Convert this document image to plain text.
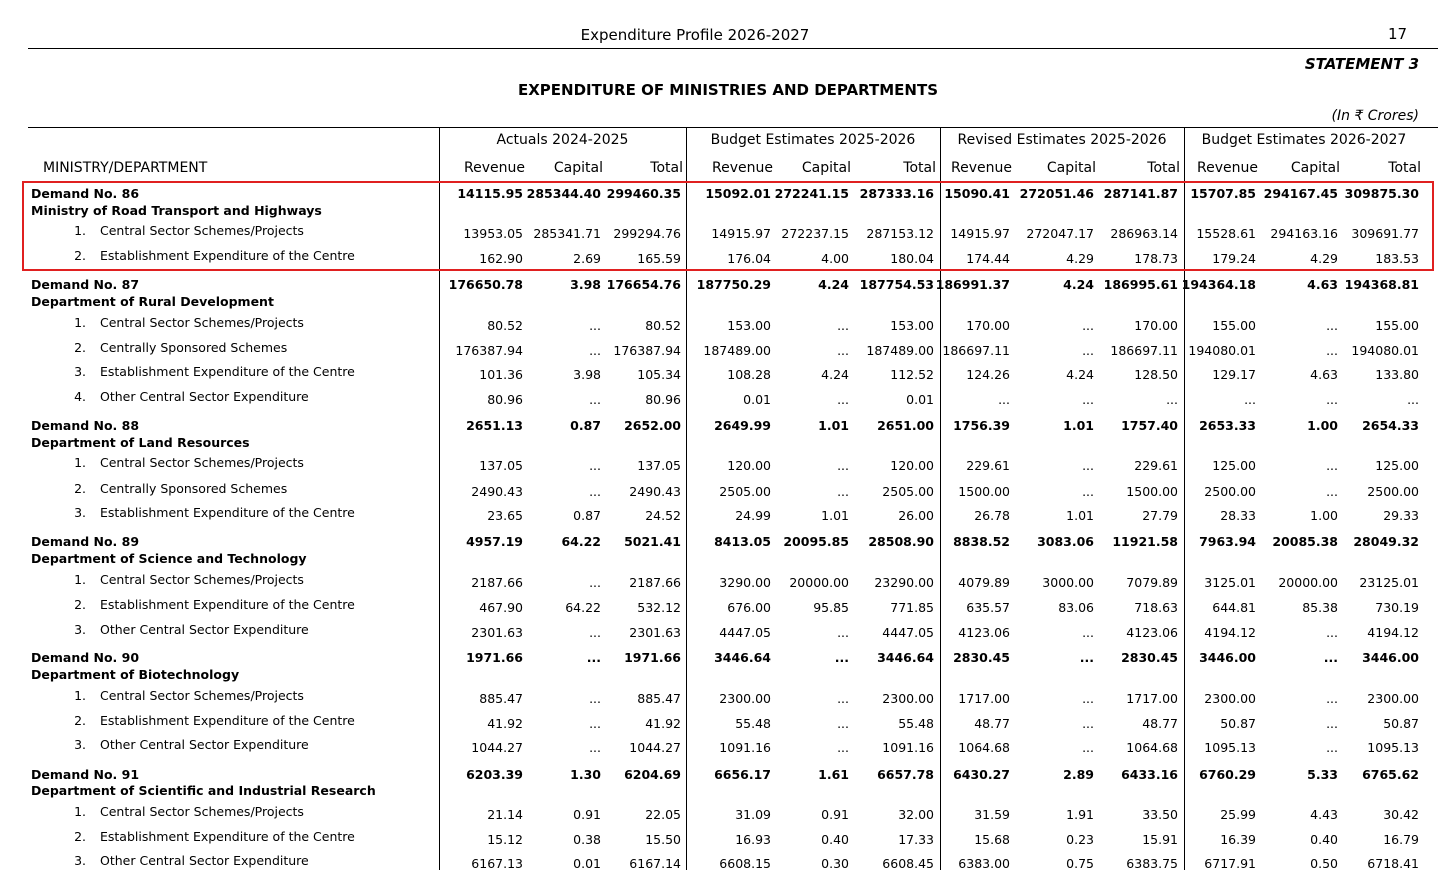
Expenditure Profile 2026-2027	17
STATEMENT 3
EXPENDITURE OF MINISTRIES AND DEPARTMENTS
(In ₹ Crores)
Actuals 2024-2025	Budget Estimates 2025-2026	Revised Estimates 2025-2026	Budget Estimates 2026-2027
MINISTRY/DEPARTMENT	Revenue Capital	Total Revenue Capital	Total Revenue Capital	Total Revenue Capital	Total
Demand No. 86	14115.95 285344.40 299460.35 15092.01 272241.15 287333.16 15090.41 272051.46 287141.87 15707.85 294167.45 309875.30
Ministry of Road Transport and Highways
1. Central Sector Schemes/Projects	13953.05 285341.71 299294.76 14915.97 272237.15 287153.12 14915.97 272047.17 286963.14 15528.61 294163.16 309691.77
2. Establishment Expenditure of the Centre	162.90	2.69	165.59	176.04	4.00	180.04	174.44	4.29	178.73	179.24	4.29	183.53
Demand No. 87	176650.78	3.98 176654.76 187750.29	4.24 187754.53 186991.37	4.24 186995.61 194364.18	4.63 194368.81
Department of Rural Development
1. Central Sector Schemes/Projects	80.52	...	80.52	153.00	...	153.00	170.00	...	170.00	155.00	...	155.00
2. Centrally Sponsored Schemes	176387.94	... 176387.94 187489.00	... 187489.00 186697.11	... 186697.11 194080.01	... 194080.01
3. Establishment Expenditure of the Centre	101.36	3.98	105.34	108.28	4.24	112.52	124.26	4.24	128.50	129.17	4.63	133.80
4. Other Central Sector Expenditure	80.96	...	80.96	0.01	...	0.01	...	...	...	...	...	...
Demand No. 88	2651.13	0.87 2652.00	2649.99	1.01 2651.00 1756.39	1.01 1757.40 2653.33	1.00 2654.33
Department of Land Resources
1. Central Sector Schemes/Projects	137.05	...	137.05	120.00	...	120.00	229.61	...	229.61	125.00	...	125.00
2. Centrally Sponsored Schemes	2490.43	... 2490.43	2505.00	...	2505.00 1500.00	...	1500.00 2500.00	... 2500.00
3. Establishment Expenditure of the Centre	23.65	0.87	24.52	24.99	1.01	26.00	26.78	1.01	27.79	28.33	1.00	29.33
Demand No. 89	4957.19	64.22 5021.41	8413.05 20095.85 28508.90 8838.52 3083.06 11921.58 7963.94 20085.38 28049.32
Department of Science and Technology
1. Central Sector Schemes/Projects	2187.66	... 2187.66	3290.00 20000.00 23290.00 4079.89	3000.00	7079.89 3125.01 20000.00 23125.01
2. Establishment Expenditure of the Centre	467.90	64.22	532.12	676.00	95.85	771.85	635.57	83.06	718.63	644.81	85.38	730.19
3. Other Central Sector Expenditure	2301.63	... 2301.63	4447.05	...	4447.05 4123.06	...	4123.06 4194.12	... 4194.12
Demand No. 90	1971.66	... 1971.66	3446.64	... 3446.64 2830.45	... 2830.45 3446.00	... 3446.00
Department of Biotechnology
1. Central Sector Schemes/Projects	885.47	...	885.47	2300.00	...	2300.00 1717.00	...	1717.00 2300.00	... 2300.00
2. Establishment Expenditure of the Centre	41.92	...	41.92	55.48	...	55.48	48.77	...	48.77	50.87	...	50.87
3. Other Central Sector Expenditure	1044.27	... 1044.27	1091.16	...	1091.16 1064.68	...	1064.68 1095.13	... 1095.13
Demand No. 91	6203.39	1.30 6204.69	6656.17	1.61 6657.78 6430.27	2.89 6433.16 6760.29	5.33 6765.62
Department of Scientific and Industrial Research
1. Central Sector Schemes/Projects	21.14	0.91	22.05	31.09	0.91	32.00	31.59	1.91	33.50	25.99	4.43	30.42
2. Establishment Expenditure of the Centre	15.12	0.38	15.50	16.93	0.40	17.33	15.68	0.23	15.91	16.39	0.40	16.79
3. Other Central Sector Expenditure	6167.13	0.01 6167.14	6608.15	0.30	6608.45 6383.00	0.75	6383.75 6717.91	0.50 6718.41
